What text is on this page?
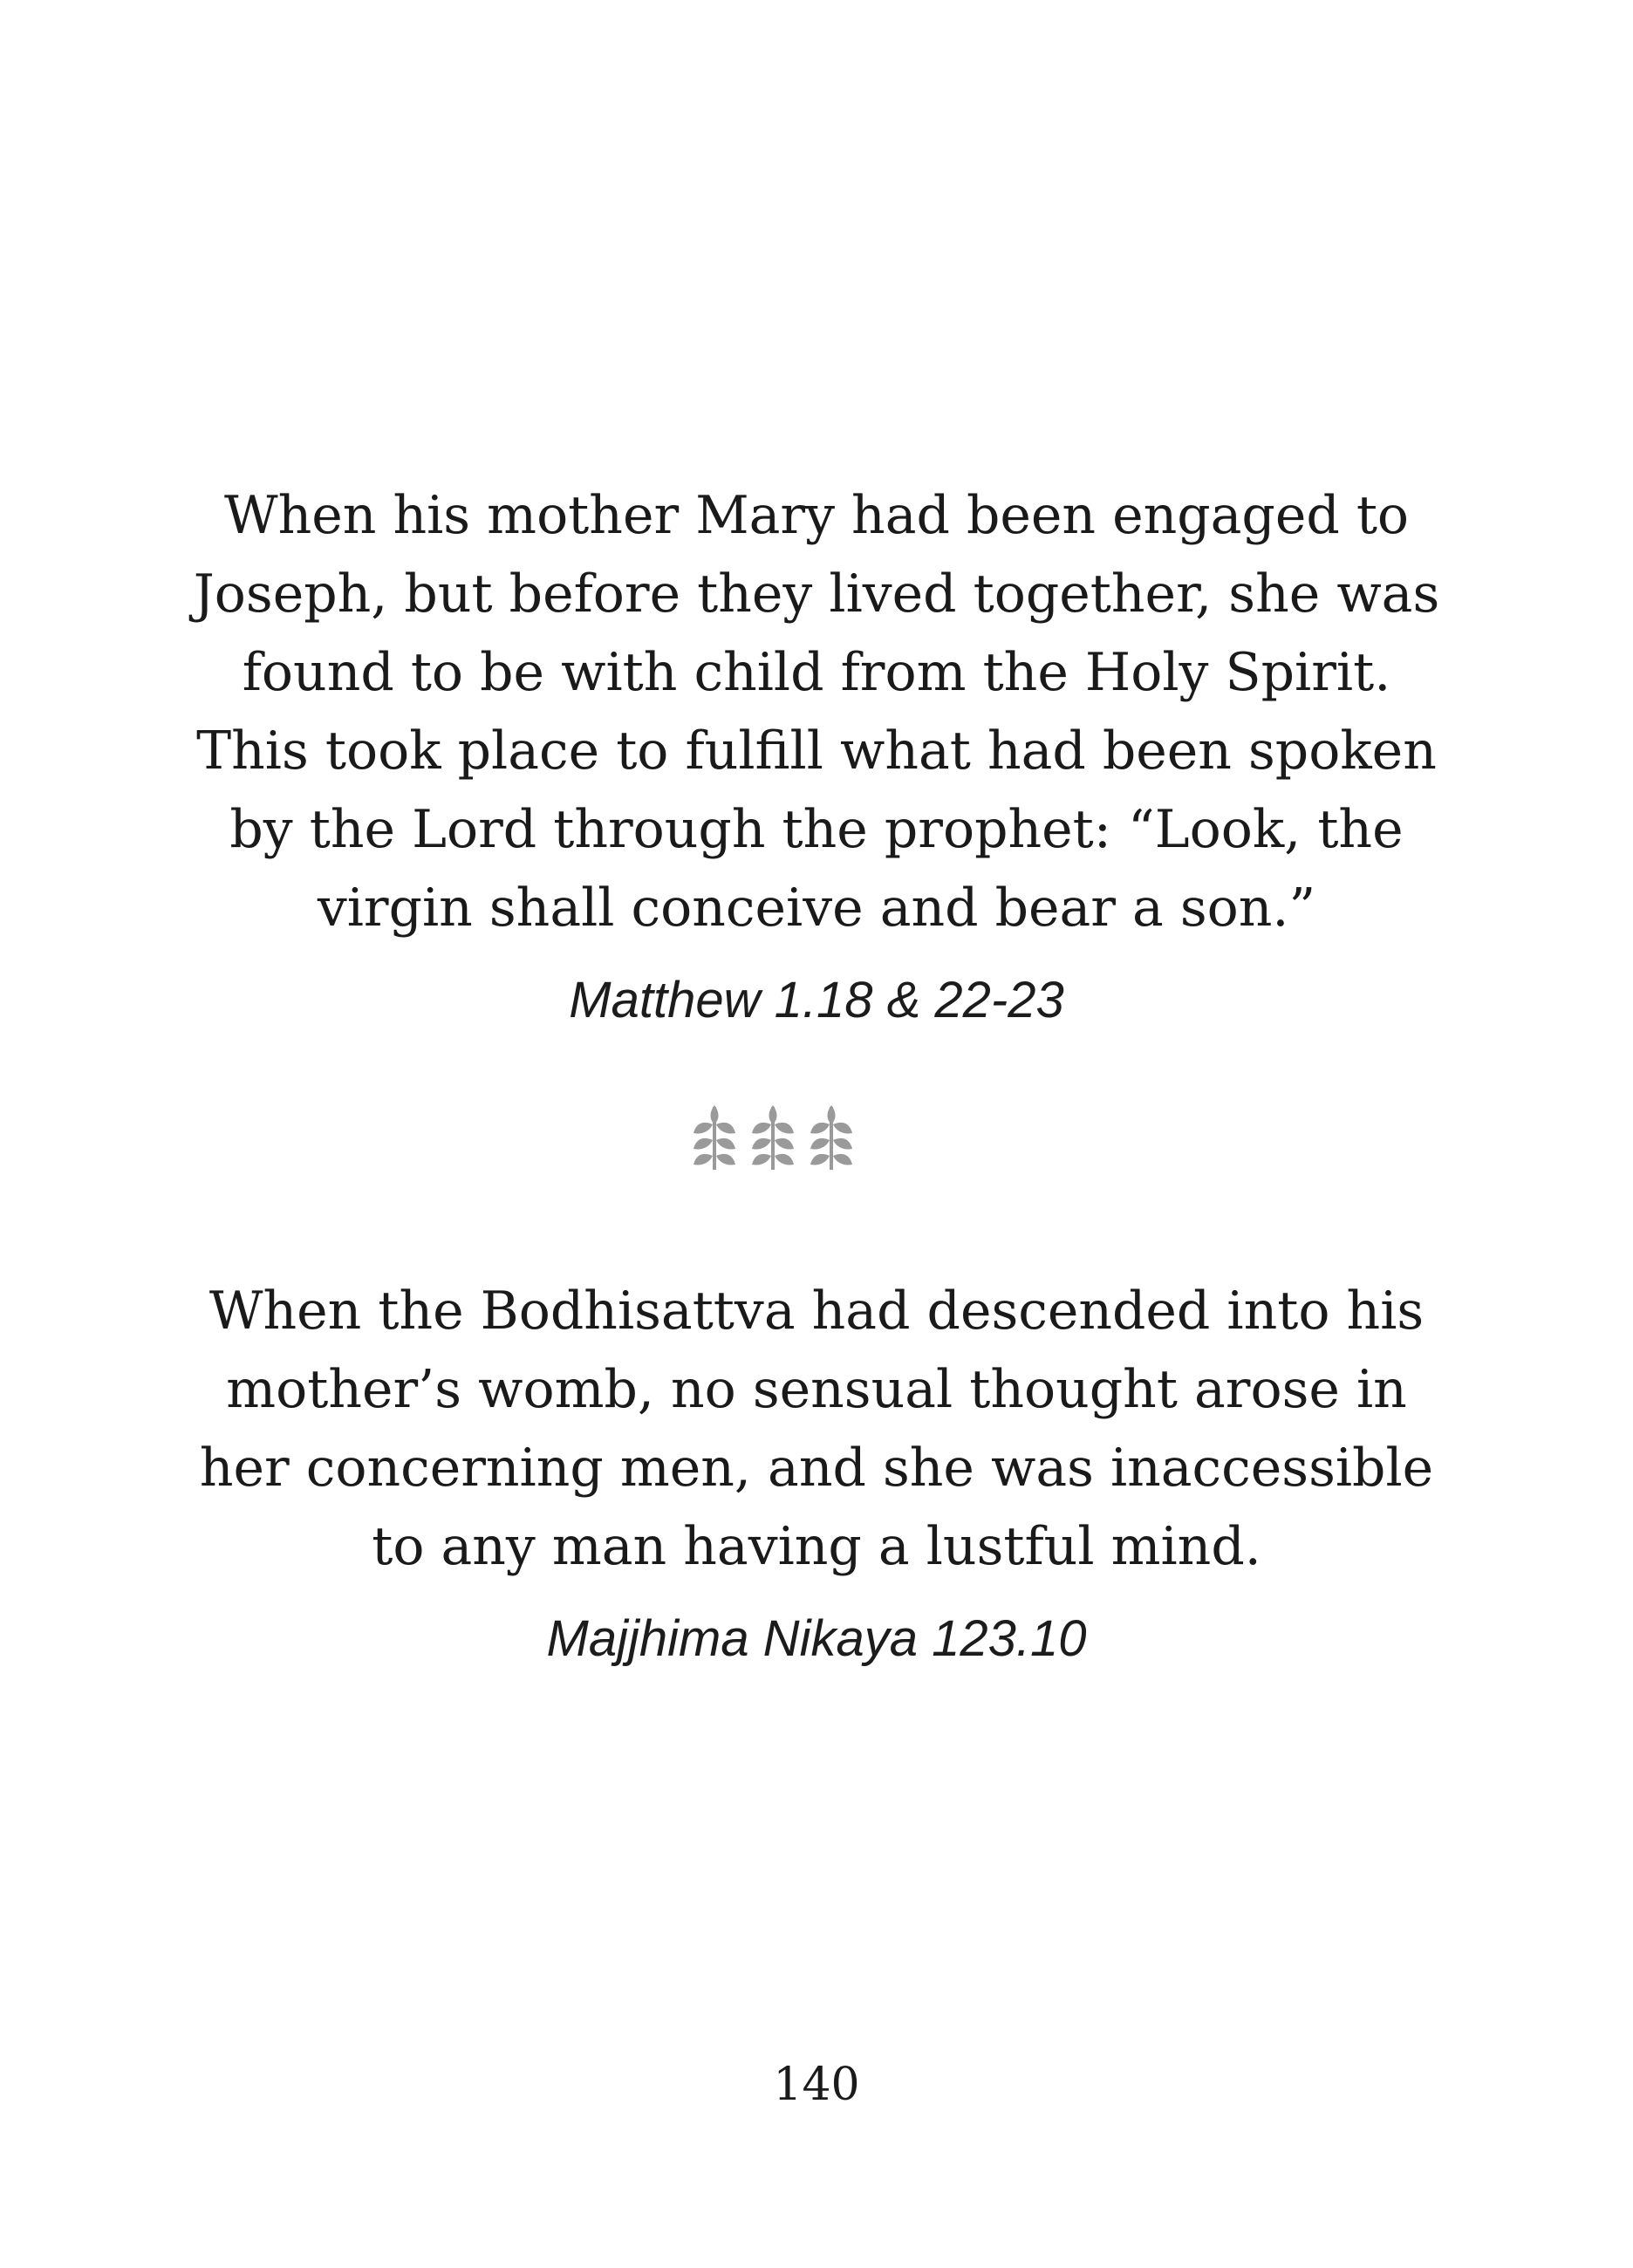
When his mother Mary had been engaged to
Joseph, but before they lived together, she was
found to be with child from the Holy Spirit.
This took place to fulfill what had been spoken
by the Lord through the prophet: “Look, the
virgin shall conceive and bear a son.”
Matthew 1.18 & 22-23
When the Bodhisattva had descended into his
mother’s womb, no sensual thought arose in
her concerning men, and she was inaccessible
to any man having a lustful mind.
Majjhima Nikaya 123.10
140
